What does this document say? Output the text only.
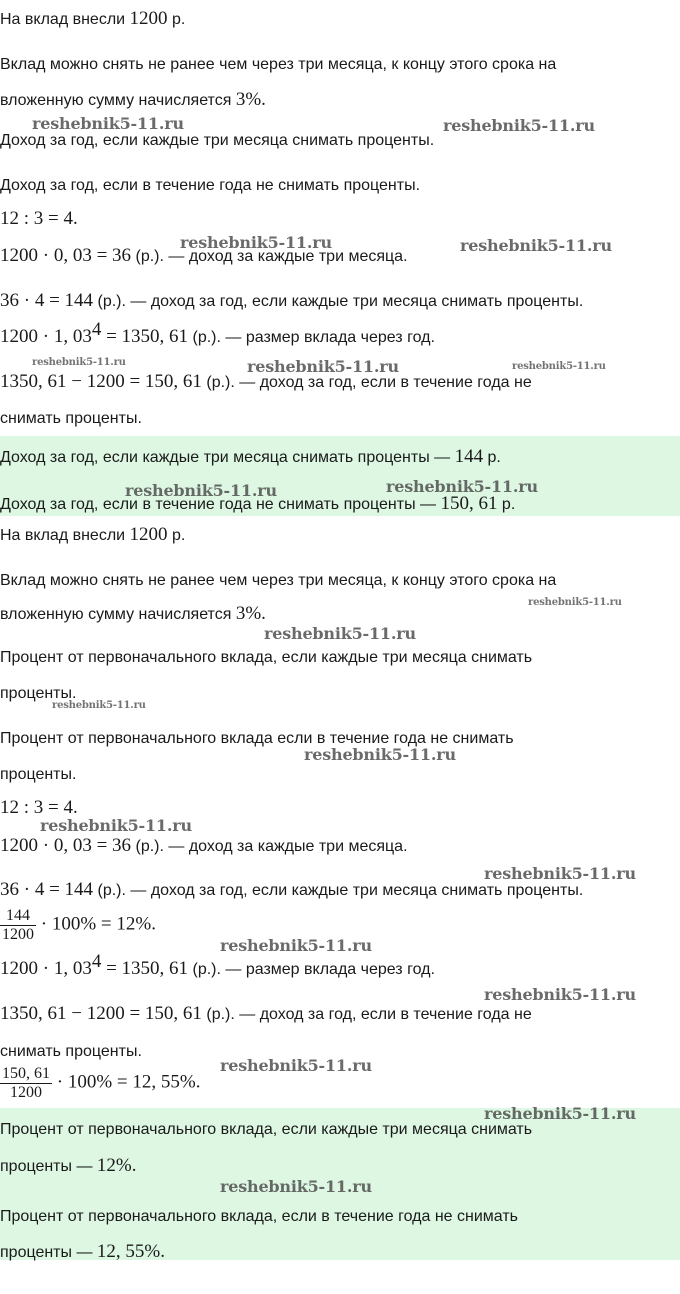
На вклад внесли 1200 р.
Вклад можно снять не ранее чем через три месяца, к концу этого срока на
вложенную сумму начисляется 3%.
Доход за год, если каждые три месяца снимать проценты.
Доход за год, если в течение года не снимать проценты.
12 : 3 = 4.
1200 · 0, 03 = 36 (р.). — доход за каждые три месяца.
36 · 4 = 144 (р.). — доход за год, если каждые три месяца снимать проценты.
1200 · 1, $03^4 = 1350$, 61 (р.). — размер вклада через год.
1350, 61 − 1200 = 150, 61 (р.). — доход за год, если в течение года не
снимать проценты.
Доход за год, если каждые три месяца снимать проценты — 144 р.
Доход за год, если в течение года не снимать проценты — 150, 61 р.
На вклад внесли 1200 р.
Вклад можно снять не ранее чем через три месяца, к концу этого срока на
вложенную сумму начисляется 3%.
Процент от первоначального вклада, если каждые три месяца снимать
проценты.
Процент от первоначального вклада если в течение года не снимать
проценты.
12 : 3 = 4.
1200 · 0, 03 = 36 (р.). — доход за каждые три месяца.
36 · 4 = 144 (р.). — доход за год, если каждые три месяца снимать проценты.
$\frac{144}{1200} \cdot 100\% = 12\%$.
1200 · 1, $03^4 = 1350$, 61 (р.). — размер вклада через год.
1350, 61 − 1200 = 150, 61 (р.). — доход за год, если в течение года не
снимать проценты.
$\frac{150, 61}{1200} \cdot 100\% = 12$, 55%.
Процент от первоначального вклада, если каждые три месяца снимать
проценты — 12%.
Процент от первоначального вклада, если в течение года не снимать
проценты — 12, 55%.
reshebnik5-11.ru	reshebnik5-11.ru
reshebnik5-11.ru	reshebnik5-11.ru
reshebnik5-11.ru	reshebnik5-11.ru	reshebnik5-11.ru
reshebnik5-11.ru	reshebnik5-11.ru
reshebnik5-11.ru
reshebnik5-11.ru
reshebnik5-11.ru
reshebnik5-11.ru
reshebnik5-11.ru
reshebnik5-11.ru
reshebnik5-11.ru
reshebnik5-11.ru
reshebnik5-11.ru
reshebnik5-11.ru
reshebnik5-11.ru
